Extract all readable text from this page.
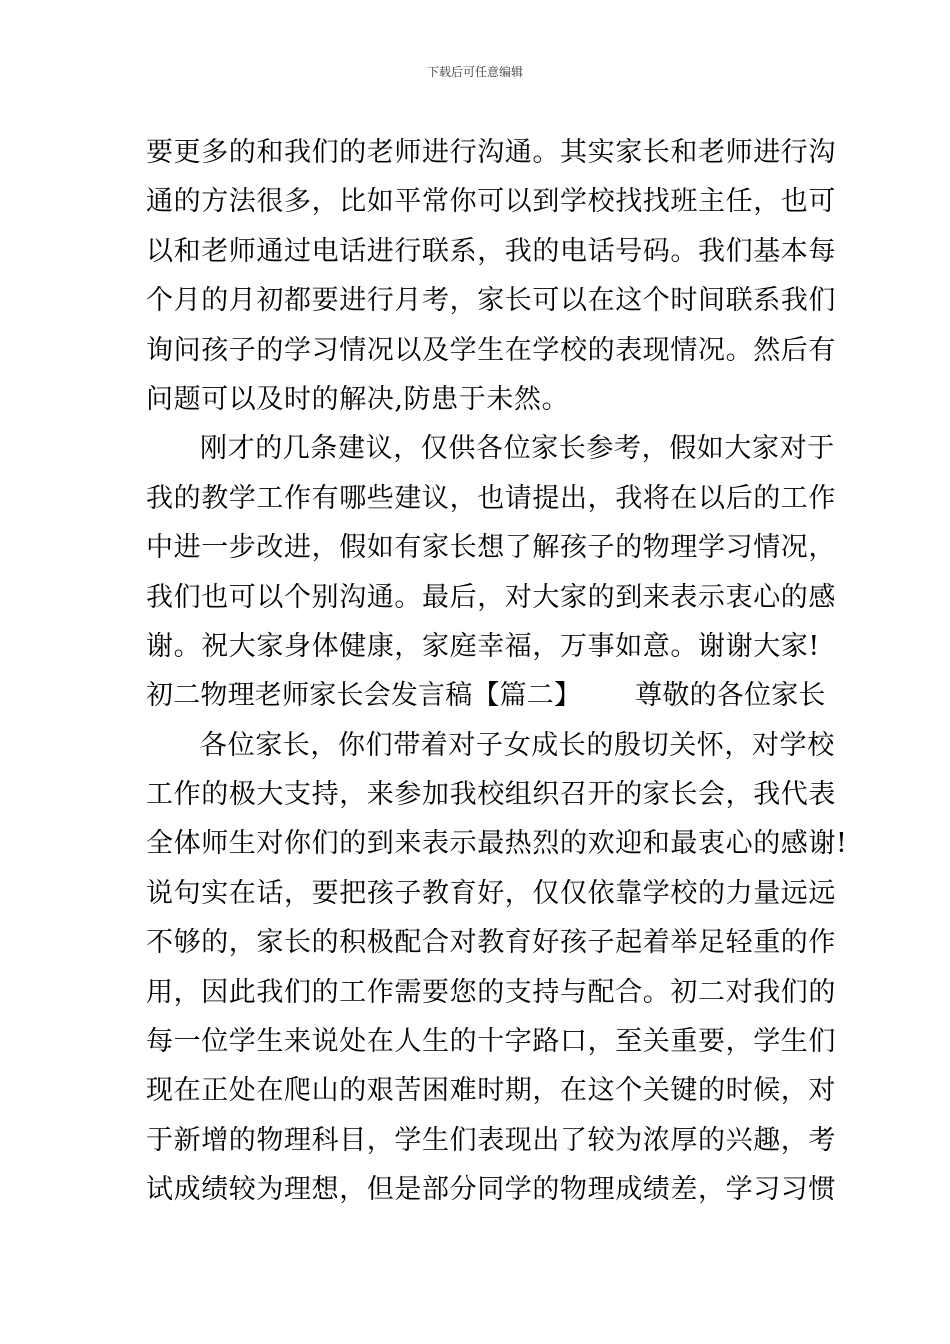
下载后可任意编辑
要更多的和我们的老师进行沟通。其实家长和老师进行沟
通的方法很多，比如平常你可以到学校找找班主任，也可
以和老师通过电话进行联系，我的电话号码。我们基本每
个月的月初都要进行月考，家长可以在这个时间联系我们
询问孩子的学习情况以及学生在学校的表现情况。然后有
问题可以及时的解决,防患于未然。
刚才的几条建议，仅供各位家长参考，假如大家对于
我的教学工作有哪些建议，也请提出，我将在以后的工作
中进一步改进，假如有家长想了解孩子的物理学习情况，
我们也可以个别沟通。最后，对大家的到来表示衷心的感
谢。祝大家身体健康，家庭幸福，万事如意。谢谢大家!
初二物理老师家长会发言稿【篇二】 尊敬的各位家长
各位家长，你们带着对子女成长的殷切关怀，对学校
工作的极大支持，来参加我校组织召开的家长会，我代表
全体师生对你们的到来表示最热烈的欢迎和最衷心的感谢!
说句实在话，要把孩子教育好，仅仅依靠学校的力量远远
不够的，家长的积极配合对教育好孩子起着举足轻重的作
用，因此我们的工作需要您的支持与配合。初二对我们的
每一位学生来说处在人生的十字路口，至关重要，学生们
现在正处在爬山的艰苦困难时期，在这个关键的时候，对
于新增的物理科目，学生们表现出了较为浓厚的兴趣，考
试成绩较为理想，但是部分同学的物理成绩差，学习习惯
